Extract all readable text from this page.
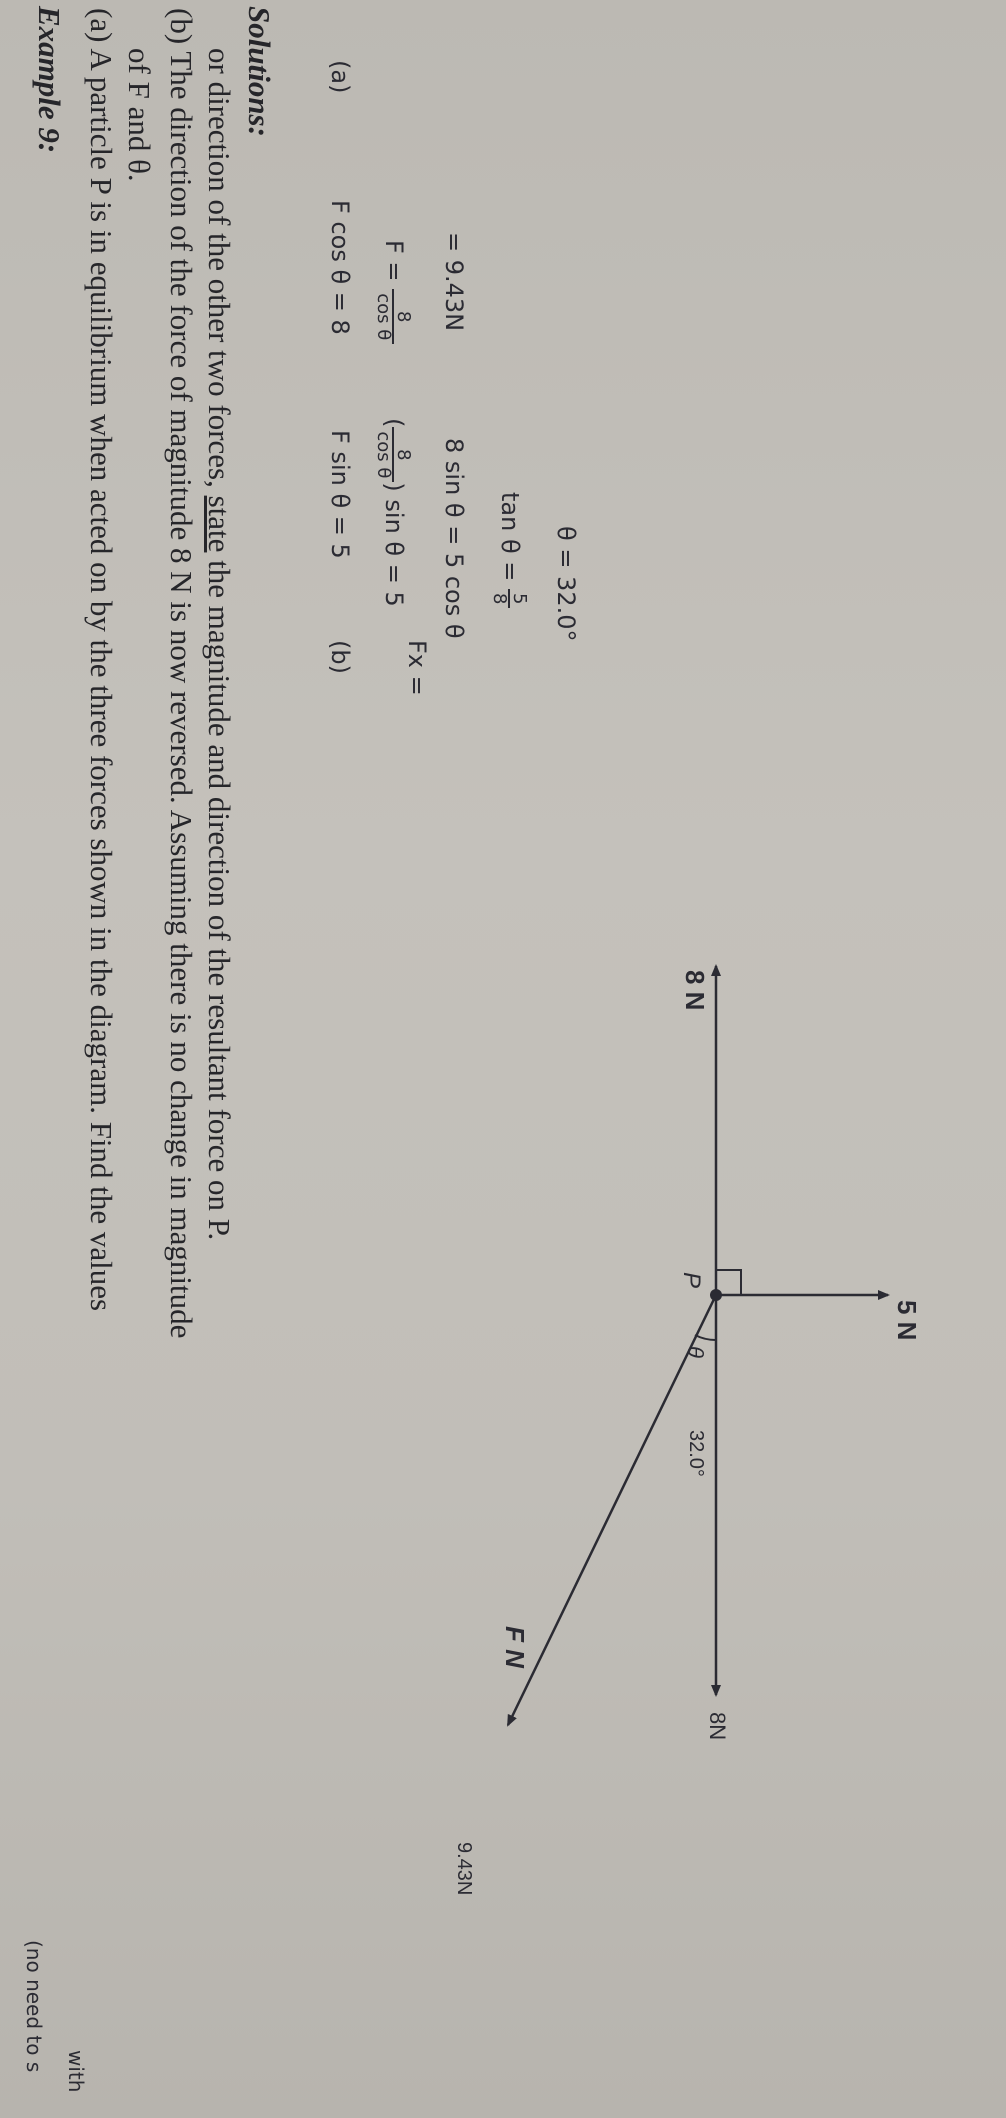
Example 9: (a) A particle P is in equilibrium when acted on by the three forces shown in the diagram. Find the values of F and θ.
(b) The direction of the force of magnitude 8 N is now reversed. Assuming there is no change in magnitude or direction of the other two forces, state the magnitude and direction of the resultant force on P.
Solutions:
(no need to s with
(a)
F cos θ = 8 F =
8
cos θ = 9.43N
F sin θ = 5
(
8
cos θ
) sin θ = 5 8 sin θ = 5 cos θ tan θ =
5
8 θ = 32.0°
(b) Fx =
8 N
P
θ
32.0°
5 N
F N
8N
9.43N
